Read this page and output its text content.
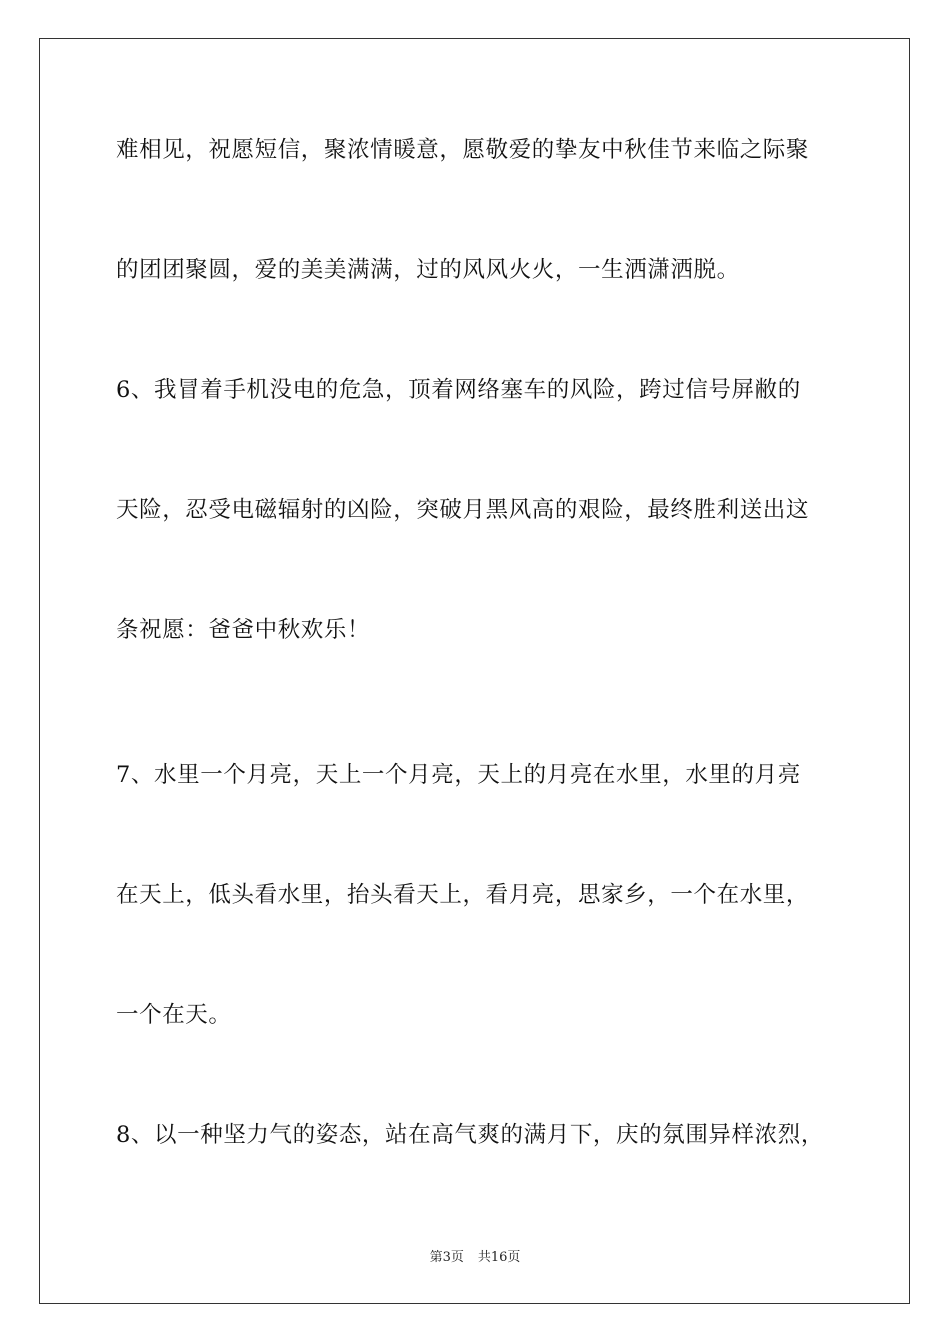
难相见，祝愿短信，聚浓情暖意，愿敬爱的挚友中秋佳节来临之际聚
的团团聚圆，爱的美美满满，过的风风火火，一生洒潇洒脱。
6、我冒着手机没电的危急，顶着网络塞车的风险，跨过信号屏敝的
天险，忍受电磁辐射的凶险，突破月黑风高的艰险，最终胜利送出这
条祝愿：爸爸中秋欢乐！
7、水里一个月亮，天上一个月亮，天上的月亮在水里，水里的月亮
在天上，低头看水里，抬头看天上，看月亮，思家乡，一个在水里，
一个在天。
8、以一种坚力气的姿态，站在高气爽的满月下，庆的氛围异样浓烈，
第3页 共16页
